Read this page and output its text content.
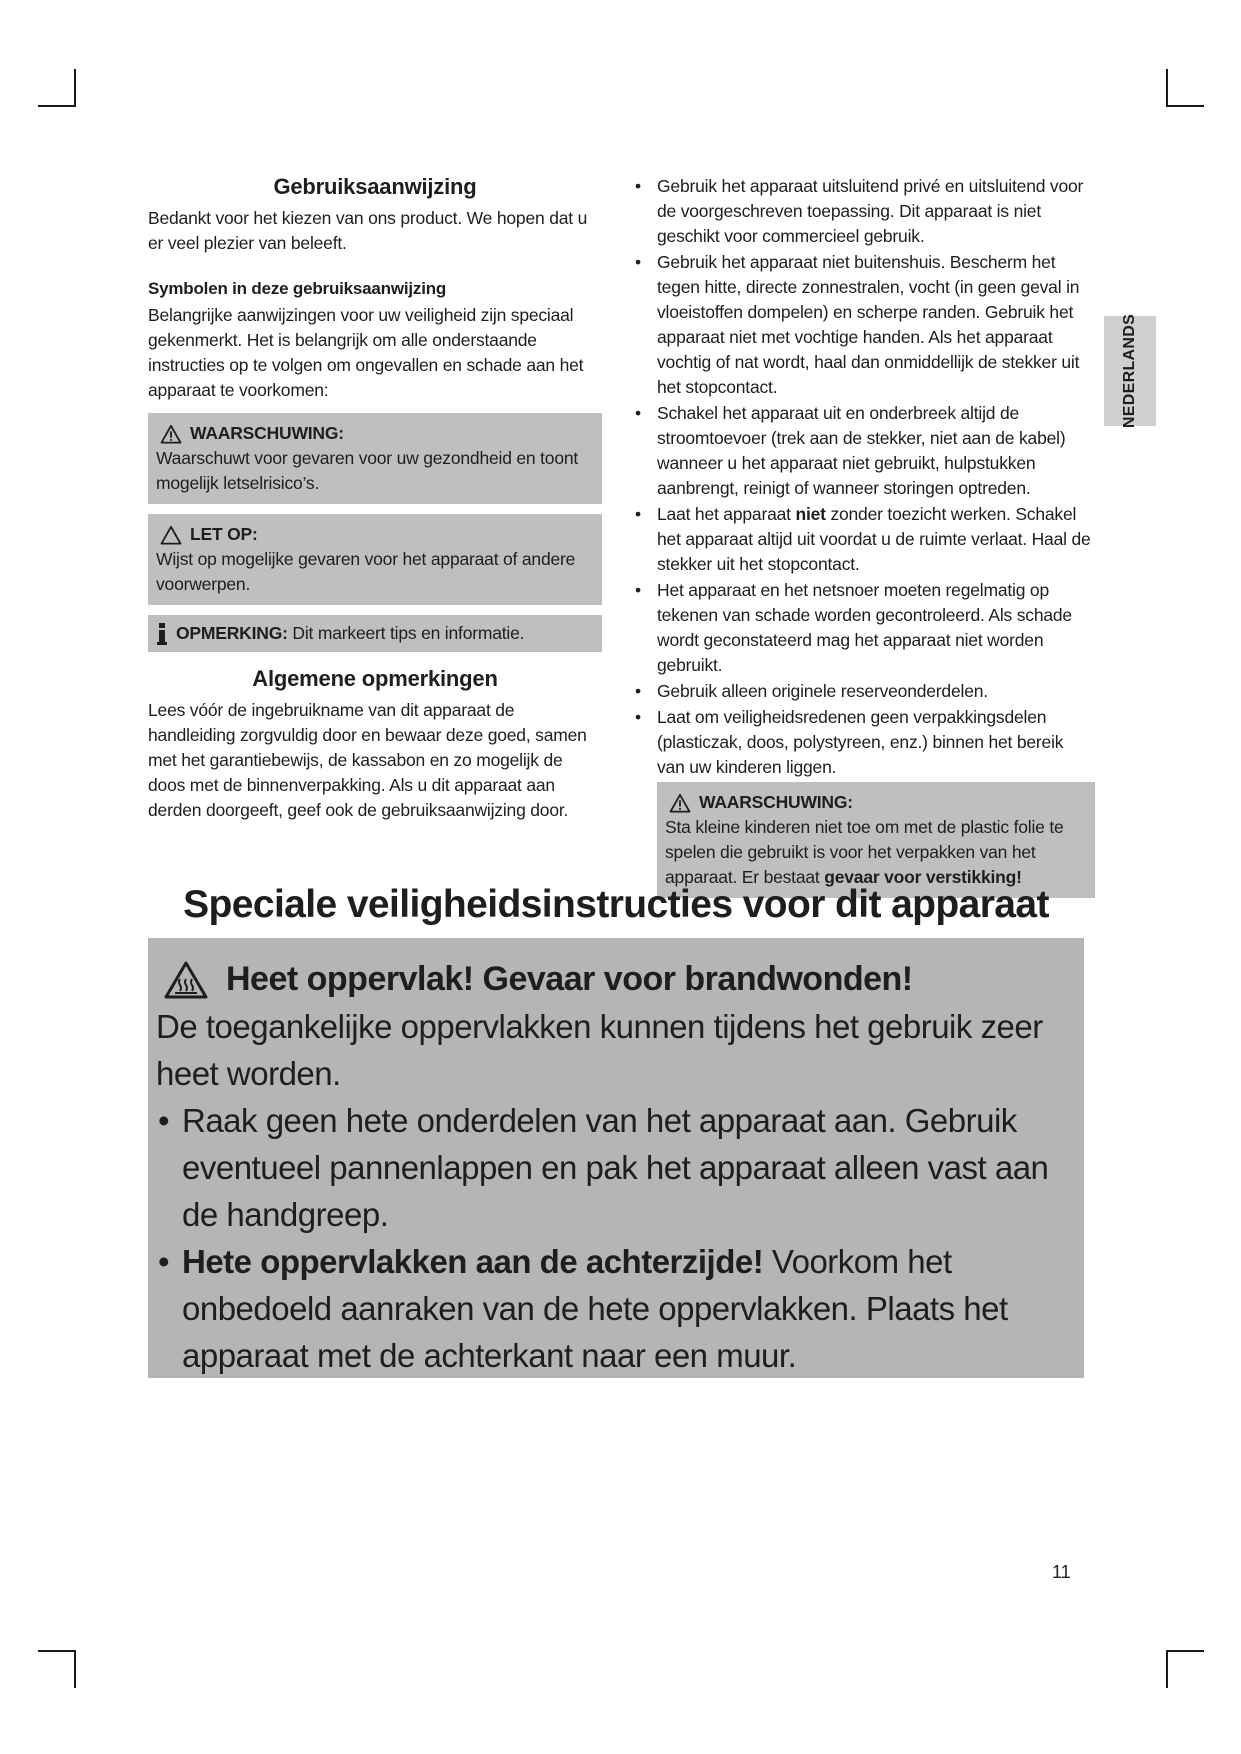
Gebruiksaanwijzing

Bedankt voor het kiezen van ons product. We hopen dat u er veel plezier van beleeft.

Symbolen in deze gebruiksaanwijzing

Belangrijke aanwijzingen voor uw veiligheid zijn speciaal gekenmerkt. Het is belangrijk om alle onderstaande instructies op te volgen om ongevallen en schade aan het apparaat te voorkomen:

WAARSCHUWING:

Waarschuwt voor gevaren voor uw gezondheid en toont mogelijk letselrisico’s.

LET OP:

Wijst op mogelijke gevaren voor het apparaat of andere voorwerpen.

OPMERKING: Dit markeert tips en informatie.
Algemene opmerkingen

Lees vóór de ingebruikname van dit apparaat de handleiding zorgvuldig door en bewaar deze goed, samen met het garantiebewijs, de kassabon en zo mogelijk de doos met de binnenverpakking. Als u dit apparaat aan derden doorgeeft, geef ook de gebruiksaanwijzing door.

• Gebruik het apparaat uitsluitend privé en uitsluitend voor de voorgeschreven toepassing. Dit apparaat is niet geschikt voor commercieel gebruik.
• Gebruik het apparaat niet buitenshuis. Bescherm het tegen hitte, directe zonnestralen, vocht (in geen geval in vloeistoffen dompelen) en scherpe randen. Gebruik het apparaat niet met vochtige handen. Als het apparaat vochtig of nat wordt, haal dan onmiddellijk de stekker uit het stopcontact.
• Schakel het apparaat uit en onderbreek altijd de stroomtoevoer (trek aan de stekker, niet aan de kabel) wanneer u het apparaat niet gebruikt, hulpstukken aanbrengt, reinigt of wanneer storingen optreden.
• Laat het apparaat niet zonder toezicht werken. Schakel het apparaat altijd uit voordat u de ruimte verlaat. Haal de stekker uit het stopcontact.
• Het apparaat en het netsnoer moeten regelmatig op tekenen van schade worden gecontroleerd. Als schade wordt geconstateerd mag het apparaat niet worden gebruikt.
• Gebruik alleen originele reserveonderdelen.
• Laat om veiligheidsredenen geen verpakkingsdelen (plasticzak, doos, polystyreen, enz.) binnen het bereik van uw kinderen liggen.
WAARSCHUWING:

Sta kleine kinderen niet toe om met de plastic folie te spelen die gebruikt is voor het verpakken van het apparaat. Er bestaat gevaar voor verstikking!

NEDERLANDS
Speciale veiligheidsinstructies voor dit apparaat
Heet oppervlak! Gevaar voor brandwonden!

De toegankelijke oppervlakken kunnen tijdens het gebruik zeer heet worden.

• Raak geen hete onderdelen van het apparaat aan. Gebruik eventueel pannenlappen en pak het apparaat alleen vast aan de handgreep.
• Hete oppervlakken aan de achterzijde! Voorkom het onbedoeld aanraken van de hete oppervlakken. Plaats het apparaat met de achterkant naar een muur.
11
